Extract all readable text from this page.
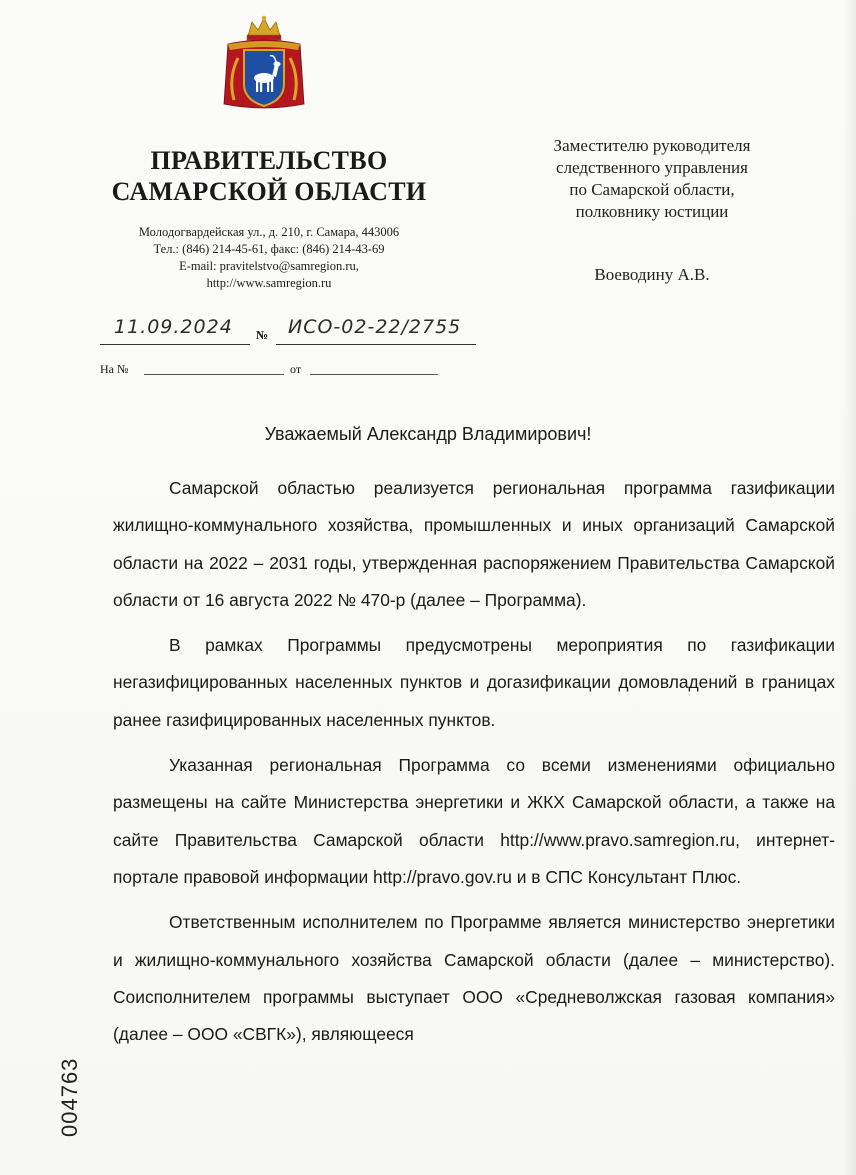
ПРАВИТЕЛЬСТВО
САМАРСКОЙ ОБЛАСТИ
Молодогвардейская ул., д. 210, г. Самара, 443006
Тел.: (846) 214-45-61, факс: (846) 214-43-69
E-mail: pravitelstvo@samregion.ru,
http://www.samregion.ru
Заместителю руководителя
следственного управления
по Самарской области,
полковнику юстиции
Воеводину А.В.
11.09.2024 № ИСО-02-22/2755
На №	от
Уважаемый Александр Владимирович!

Самарской областью реализуется региональная программа газификации жилищно-коммунального хозяйства, промышленных и иных организаций Самарской области на 2022 – 2031 годы, утвержденная распоряжением Правительства Самарской области от 16 августа 2022 № 470-р (далее – Программа).

В рамках Программы предусмотрены мероприятия по газификации негазифицированных населенных пунктов и догазификации домовладений в границах ранее газифицированных населенных пунктов.

Указанная региональная Программа со всеми изменениями официально размещены на сайте Министерства энергетики и ЖКХ Самарской области, а также на сайте Правительства Самарской области http://www.pravo.samregion.ru, интернет-портале правовой информации http://pravo.gov.ru и в СПС Консультант Плюс.

Ответственным исполнителем по Программе является министерство энергетики и жилищно-коммунального хозяйства Самарской области (далее – министерство). Соисполнителем программы выступает ООО «Средневолжская газовая компания» (далее – ООО «СВГК»), являющееся

004763
